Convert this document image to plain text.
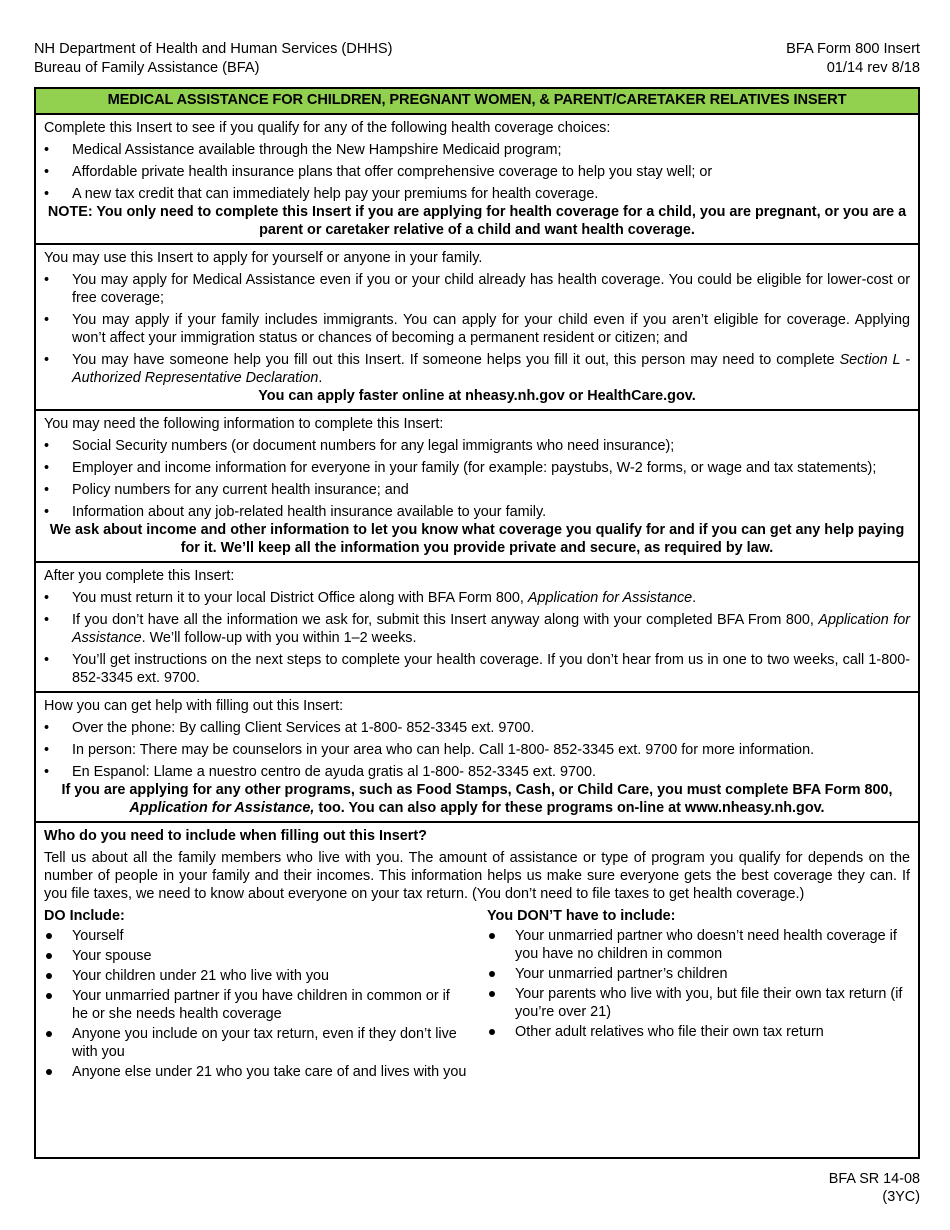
NH Department of Health and Human Services (DHHS)
Bureau of Family Assistance (BFA)
BFA Form 800 Insert
01/14 rev 8/18
MEDICAL ASSISTANCE FOR CHILDREN, PREGNANT WOMEN, & PARENT/CARETAKER RELATIVES INSERT

Complete this Insert to see if you qualify for any of the following health coverage choices:

• Medical Assistance available through the New Hampshire Medicaid program;
• Affordable private health insurance plans that offer comprehensive coverage to help you stay well; or
• A new tax credit that can immediately help pay your premiums for health coverage.

NOTE: You only need to complete this Insert if you are applying for health coverage for a child, you are pregnant, or you are a parent or caretaker relative of a child and want health coverage.

You may use this Insert to apply for yourself or anyone in your family.

• You may apply for Medical Assistance even if you or your child already has health coverage. You could be eligible for lower-cost or free coverage;
• You may apply if your family includes immigrants. You can apply for your child even if you aren’t eligible for coverage. Applying won’t affect your immigration status or chances of becoming a permanent resident or citizen; and
• You may have someone help you fill out this Insert. If someone helps you fill it out, this person may need to complete Section L - Authorized Representative Declaration.

You can apply faster online at nheasy.nh.gov or HealthCare.gov.

You may need the following information to complete this Insert:

• Social Security numbers (or document numbers for any legal immigrants who need insurance);
• Employer and income information for everyone in your family (for example: paystubs, W-2 forms, or wage and tax statements);
• Policy numbers for any current health insurance; and
• Information about any job-related health insurance available to your family.

We ask about income and other information to let you know what coverage you qualify for and if you can get any help paying for it. We’ll keep all the information you provide private and secure, as required by law.

After you complete this Insert:

• You must return it to your local District Office along with BFA Form 800, Application for Assistance.
• If you don’t have all the information we ask for, submit this Insert anyway along with your completed BFA From 800, Application for Assistance. We’ll follow-up with you within 1–2 weeks.
• You’ll get instructions on the next steps to complete your health coverage. If you don’t hear from us in one to two weeks, call 1-800-852-3345 ext. 9700.

How you can get help with filling out this Insert:

• Over the phone: By calling Client Services at 1-800- 852-3345 ext. 9700.
• In person: There may be counselors in your area who can help. Call 1-800- 852-3345 ext. 9700 for more information.
• En Espanol: Llame a nuestro centro de ayuda gratis al 1-800- 852-3345 ext. 9700.

If you are applying for any other programs, such as Food Stamps, Cash, or Child Care, you must complete BFA Form 800, Application for Assistance, too. You can also apply for these programs on-line at www.nheasy.nh.gov.

Who do you need to include when filling out this Insert?

Tell us about all the family members who live with you. The amount of assistance or type of program you qualify for depends on the number of people in your family and their incomes. This information helps us make sure everyone gets the best coverage they can. If you file taxes, we need to know about everyone on your tax return. (You don’t need to file taxes to get health coverage.)

DO Include:
Yourself
Your spouse
Your children under 21 who live with you
Your unmarried partner if you have children in common or if he or she needs health coverage
Anyone you include on your tax return, even if they don’t live with you
Anyone else under 21 who you take care of and lives with you
You DON’T have to include:
Your unmarried partner who doesn’t need health coverage if you have no children in common
Your unmarried partner’s children
Your parents who live with you, but file their own tax return (if you’re over 21)
Other adult relatives who file their own tax return
BFA SR 14-08
(3YC)
